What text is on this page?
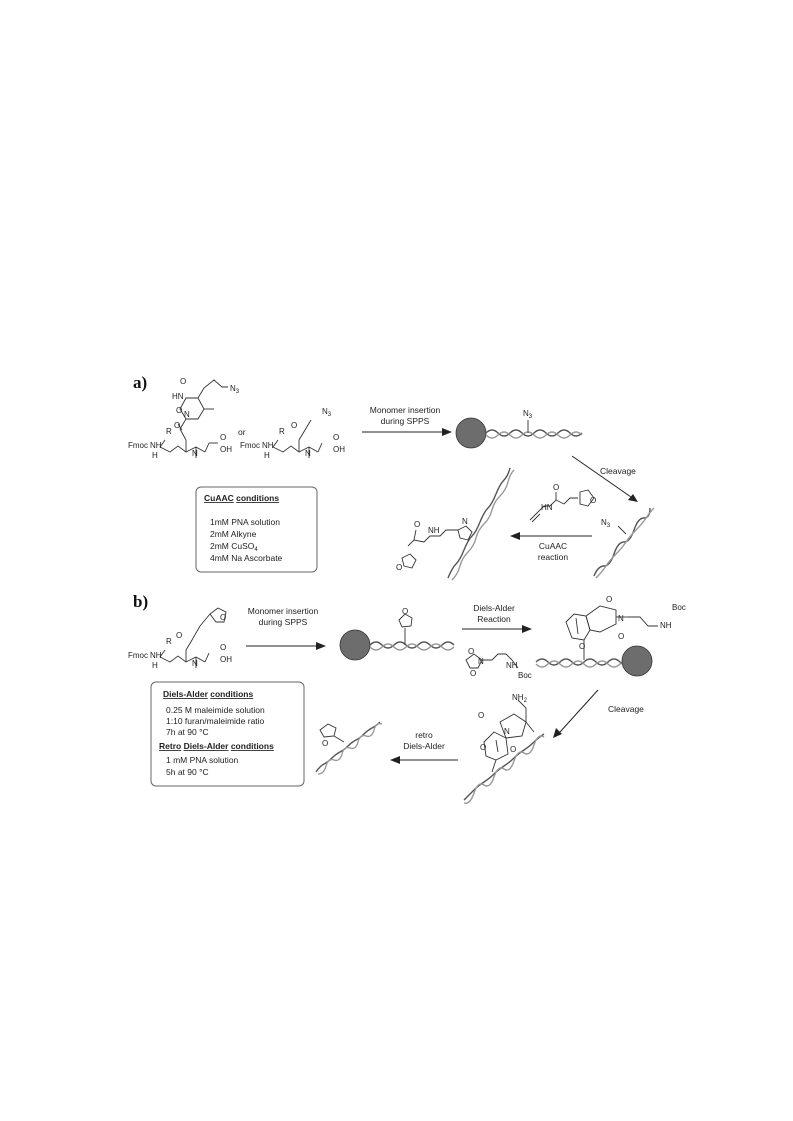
a)
b)
O
HN
O N
O
N
O
OH
R
Fmoc NH
H
$N_3$
or
$N_3$
O
N
O
OH
R
Fmoc NH
H
Monomer insertion
during SPPS
$N_3$
Cleavage
$N_3$
O
HN
O
CuAAC
reaction
N
NH
O
O
CuAAC conditions
1mM PNA solution
2mM Alkyne
2mM CuSO$_4$
4mM Na Ascorbate
O
O
N
O
OH
R
Fmoc NH
H
Monomer insertion
during SPPS
O	Diels-Alder
Reaction
O
O
N	NH
Boc
O
O
N
O
NH
Boc
Cleavage
$NH_2$
O
O
N
O
retro
Diels-Alder
O
Diels-Alder conditions
0.25 M maleimide solution
1:10 furan/maleimide ratio
7h at 90 °C
Retro Diels-Alder conditions
1 mM PNA solution
5h at 90 °C
